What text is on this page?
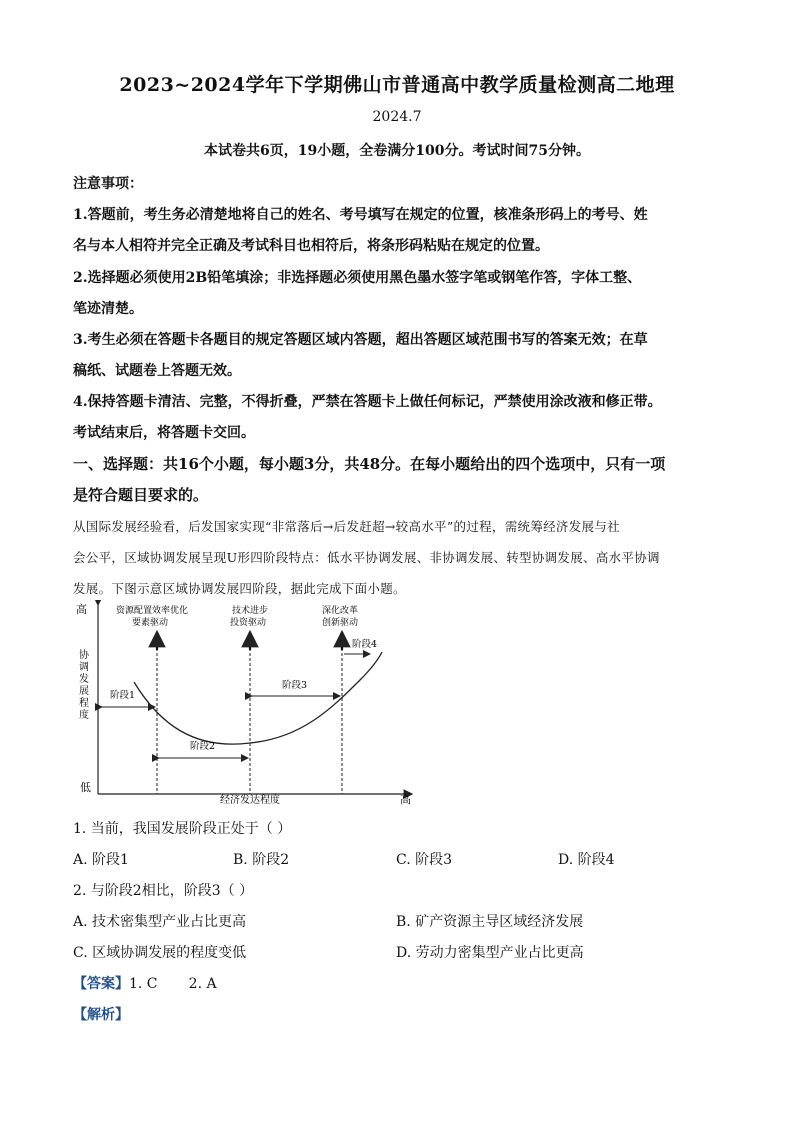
2023~2024学年下学期佛山市普通高中教学质量检测高二地理
2024.7
本试卷共6页，19小题，全卷满分100分。考试时间75分钟。
注意事项：
1.答题前，考生务必清楚地将自己的姓名、考号填写在规定的位置，核准条形码上的考号、姓
名与本人相符并完全正确及考试科目也相符后，将条形码粘贴在规定的位置。
2.选择题必须使用2B铅笔填涂；非选择题必须使用黑色墨水签字笔或钢笔作答，字体工整、
笔迹清楚。
3.考生必须在答题卡各题目的规定答题区域内答题，超出答题区域范围书写的答案无效；在草
稿纸、试题卷上答题无效。
4.保持答题卡清洁、完整，不得折叠，严禁在答题卡上做任何标记，严禁使用涂改液和修正带。
考试结束后，将答题卡交回。
一、选择题：共16个小题，每小题3分，共48分。在每小题给出的四个选项中，只有一项
是符合题目要求的。
从国际发展经验看，后发国家实现“非常落后→后发赶超→较高水平”的过程，需统筹经济发展与社
会公平，区域协调发展呈现U形四阶段特点：低水平协调发展、非协调发展、转型协调发展、高水平协调
发展。下图示意区域协调发展四阶段，据此完成下面小题。
高
低
协
调
发
展
程
度
经济发达程度	高
资源配置效率优化
要素驱动
技术进步
投资驱动
深化改革
创新驱动
阶段1
阶段2
阶段3
阶段4
1. 当前，我国发展阶段正处于（ ）
A. 阶段1	B. 阶段2	C. 阶段3	D. 阶段4
2. 与阶段2相比，阶段3（ ）
A. 技术密集型产业占比更高	B. 矿产资源主导区域经济发展
C. 区域协调发展的程度变低	D. 劳动力密集型产业占比更高
【答案】1. C       2. A
【解析】
